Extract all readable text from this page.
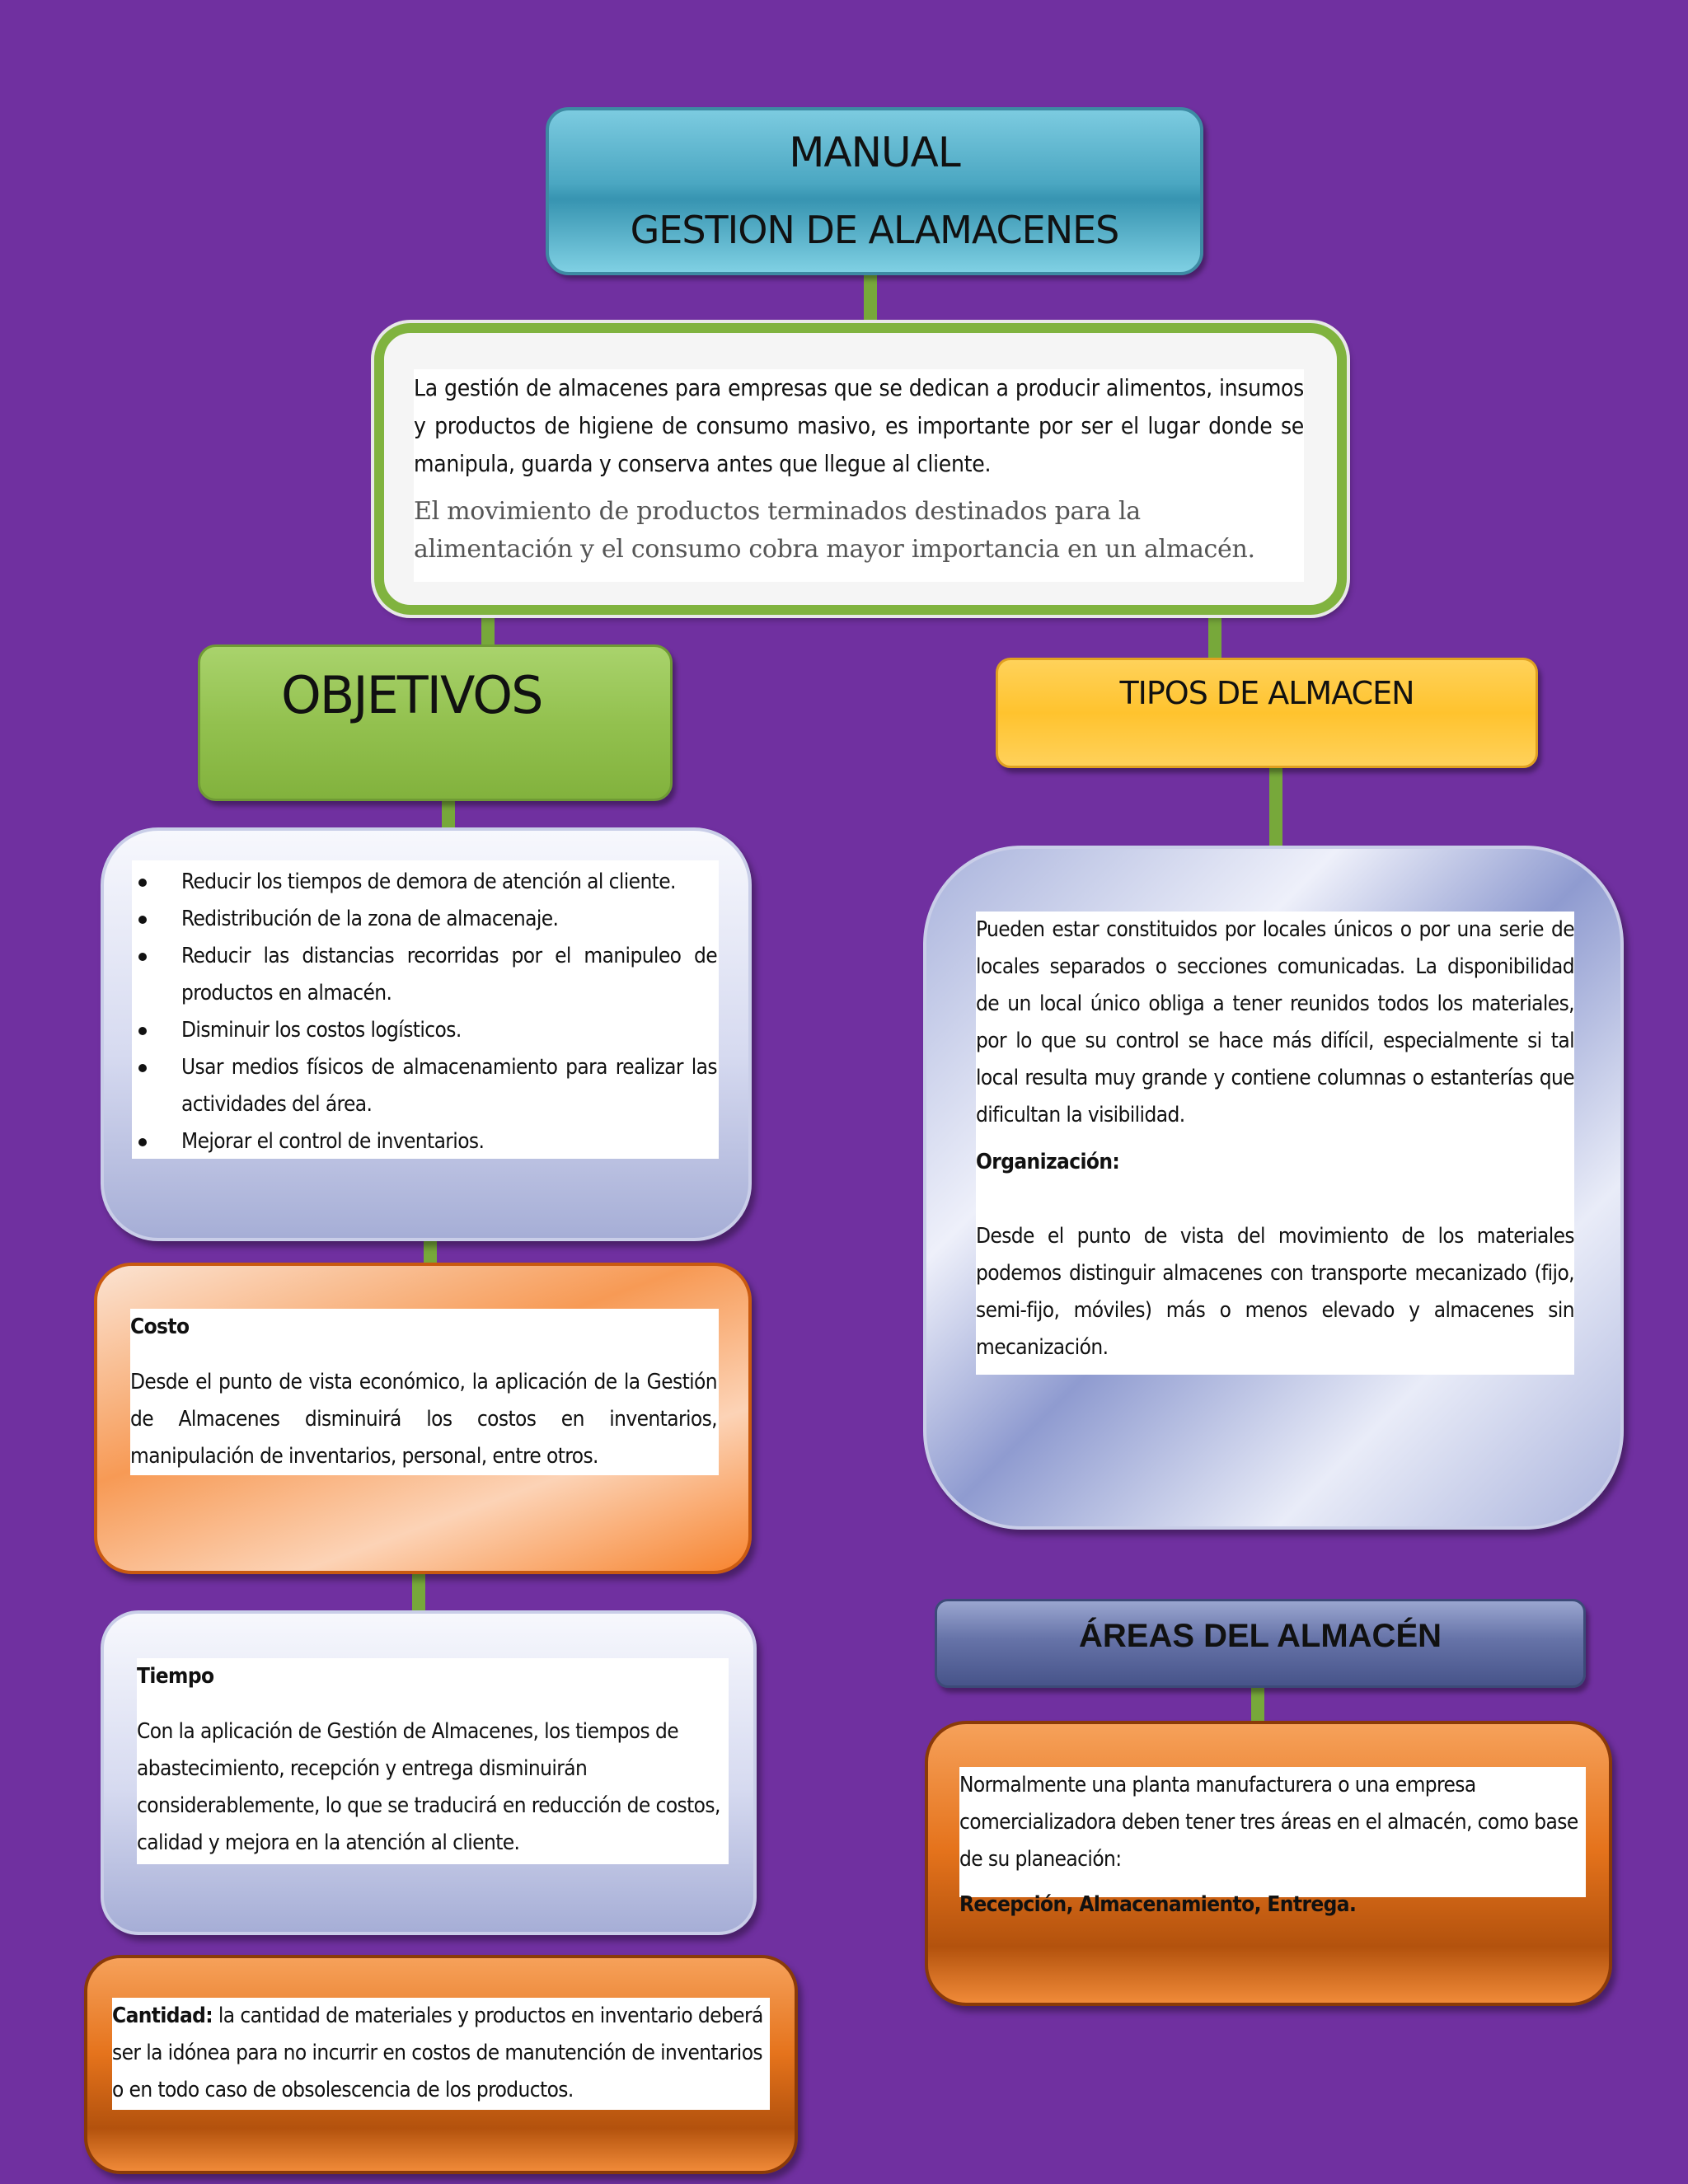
MANUAL
GESTION DE ALAMACENES

La gestión de almacenes para empresas que se dedican a producir alimentos, insumos y productos de higiene de consumo masivo, es importante por ser el lugar donde se manipula, guarda y conserva antes que llegue al cliente.

El movimiento de productos terminados destinados para la alimentación y el consumo cobra mayor importancia en un almacén.

OBJETIVOS	TIPOS DE ALMACEN
Reducir los tiempos de demora de atención al cliente.
Redistribución de la zona de almacenaje.
Reducir las distancias recorridas por el manipuleo de productos en almacén.
Disminuir los costos logísticos.
Usar medios físicos de almacenamiento para realizar las actividades del área.
Mejorar el control de inventarios.

Costo

Desde el punto de vista económico, la aplicación de la Gestión de Almacenes disminuirá los costos en inventarios, manipulación de inventarios, personal, entre otros.

Tiempo

Con la aplicación de Gestión de Almacenes, los tiempos de abastecimiento, recepción y entrega disminuirán considerablemente, lo que se traducirá en reducción de costos, calidad y mejora en la atención al cliente.

Cantidad: la cantidad de materiales y productos en inventario deberá ser la idónea para no incurrir en costos de manutención de inventarios o en todo caso de obsolescencia de los productos.

Pueden estar constituidos por locales únicos o por una serie de locales separados o secciones comunicadas. La disponibilidad de un local único obliga a tener reunidos todos los materiales, por lo que su control se hace más difícil, especialmente si tal local resulta muy grande y contiene columnas o estanterías que dificultan la visibilidad.

Organización:

Desde el punto de vista del movimiento de los materiales podemos distinguir almacenes con transporte mecanizado (fijo, semi-fijo, móviles) más o menos elevado y almacenes sin mecanización.

ÁREAS DEL ALMACÉN

Normalmente una planta manufacturera o una empresa comercializadora deben tener tres áreas en el almacén, como base de su planeación:

Recepción, Almacenamiento, Entrega.
